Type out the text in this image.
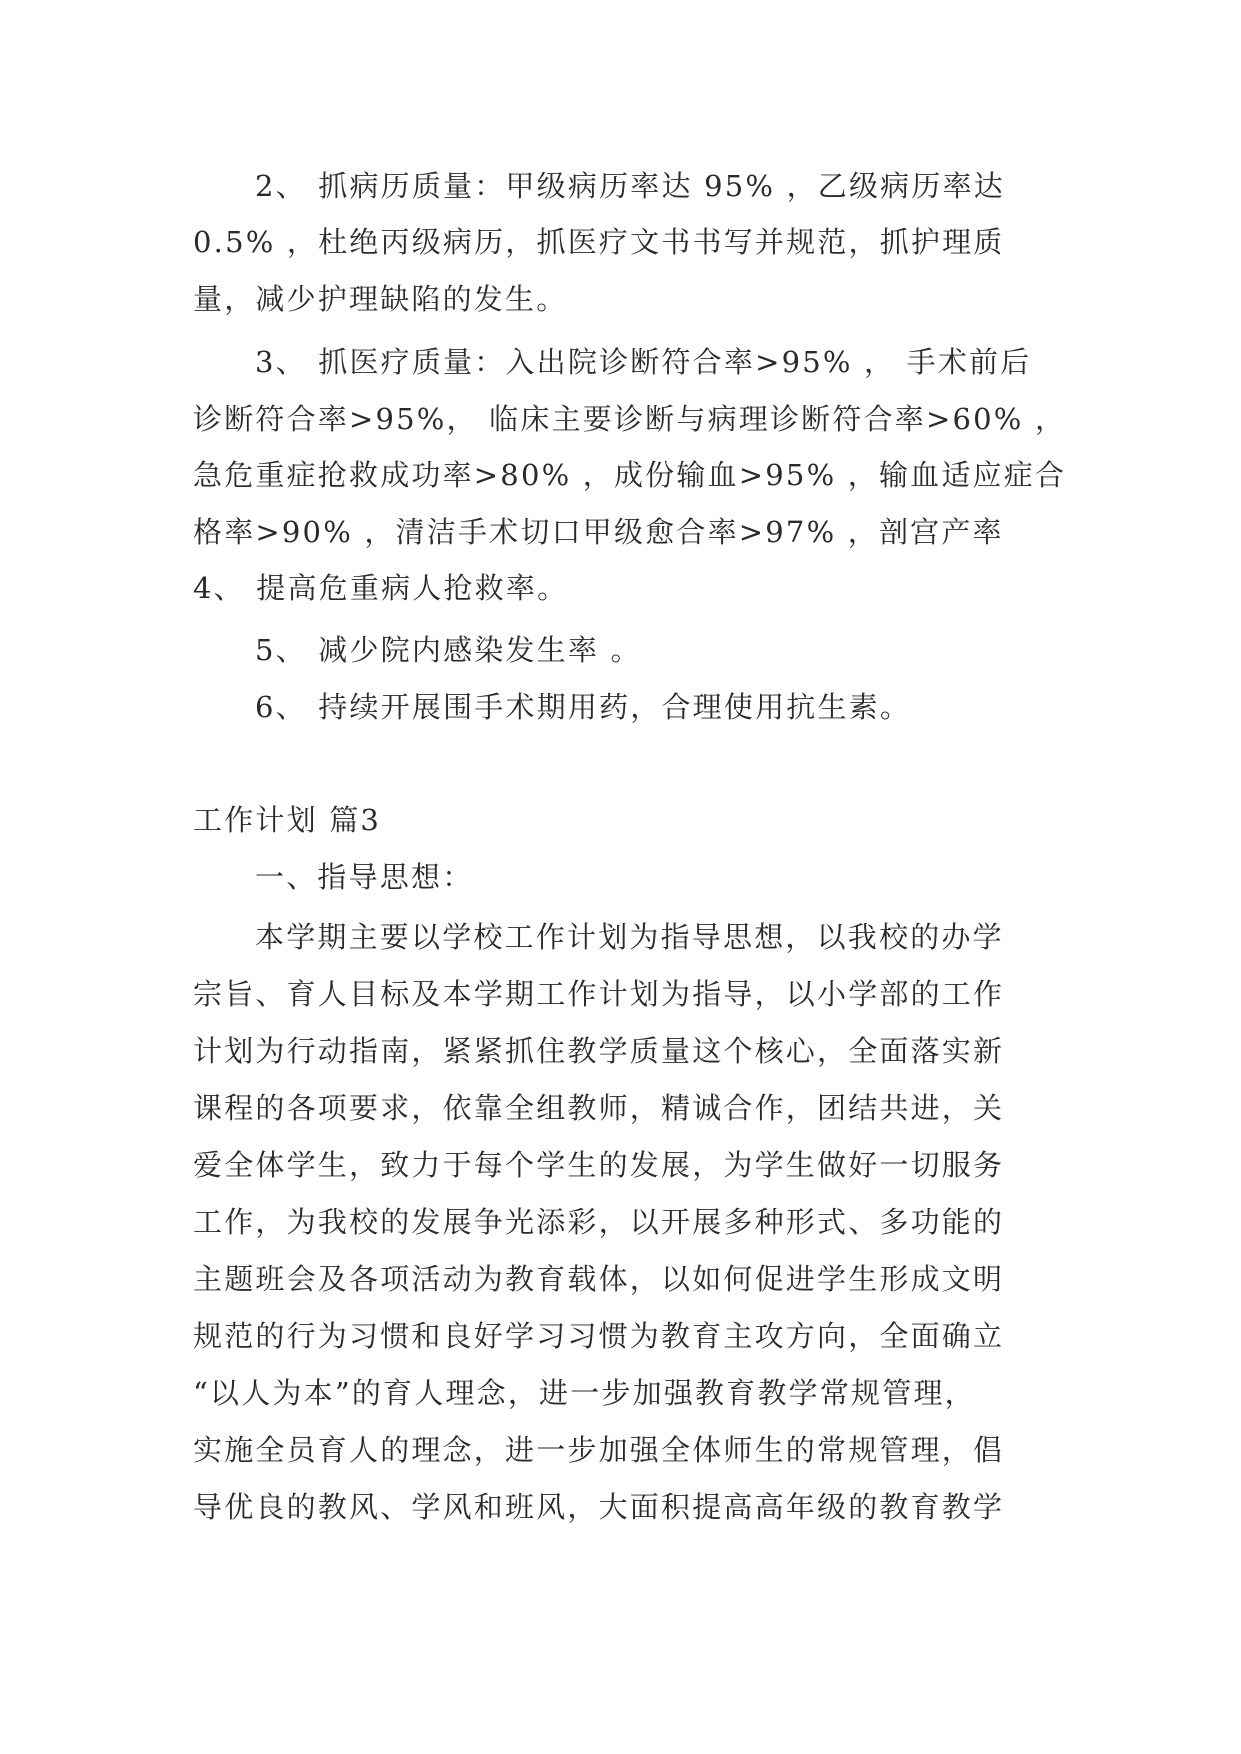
2、 抓病历质量：甲级病历率达 95% ，乙级病历率达
0.5% ，杜绝丙级病历，抓医疗文书书写并规范，抓护理质
量，减少护理缺陷的发生。
3、 抓医疗质量：入出院诊断符合率>95% ， 手术前后
诊断符合率>95%， 临床主要诊断与病理诊断符合率>60% ，
急危重症抢救成功率>80% ，成份输血>95% ，输血适应症合
格率>90% ，清洁手术切口甲级愈合率>97% ，剖宫产率
4、 提高危重病人抢救率。
5、 减少院内感染发生率 。
6、 持续开展围手术期用药，合理使用抗生素。
工作计划 篇3
一、指导思想：
本学期主要以学校工作计划为指导思想，以我校的办学
宗旨、育人目标及本学期工作计划为指导，以小学部的工作
计划为行动指南，紧紧抓住教学质量这个核心，全面落实新
课程的各项要求，依靠全组教师，精诚合作，团结共进，关
爱全体学生，致力于每个学生的发展，为学生做好一切服务
工作，为我校的发展争光添彩，以开展多种形式、多功能的
主题班会及各项活动为教育载体，以如何促进学生形成文明
规范的行为习惯和良好学习习惯为教育主攻方向，全面确立
“以人为本”的育人理念，进一步加强教育教学常规管理，
实施全员育人的理念，进一步加强全体师生的常规管理，倡
导优良的教风、学风和班风，大面积提高高年级的教育教学
